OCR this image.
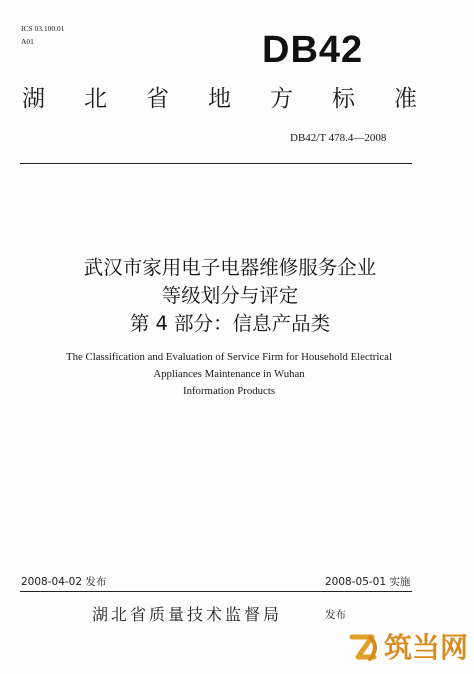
ICS 03.100.01
A01	DB42
湖 北 省 地 方 标 准
DB42/T 478.4—2008
武汉市家用电子电器维修服务企业
等级划分与评定
第 4 部分：信息产品类
The Classification and Evaluation of Service Firm for Household Electrical
Appliances Maintenance in Wuhan
Information Products
2008-04-02 发布	2008-05-01 实施
湖北省质量技术监督局	发布
筑当网
